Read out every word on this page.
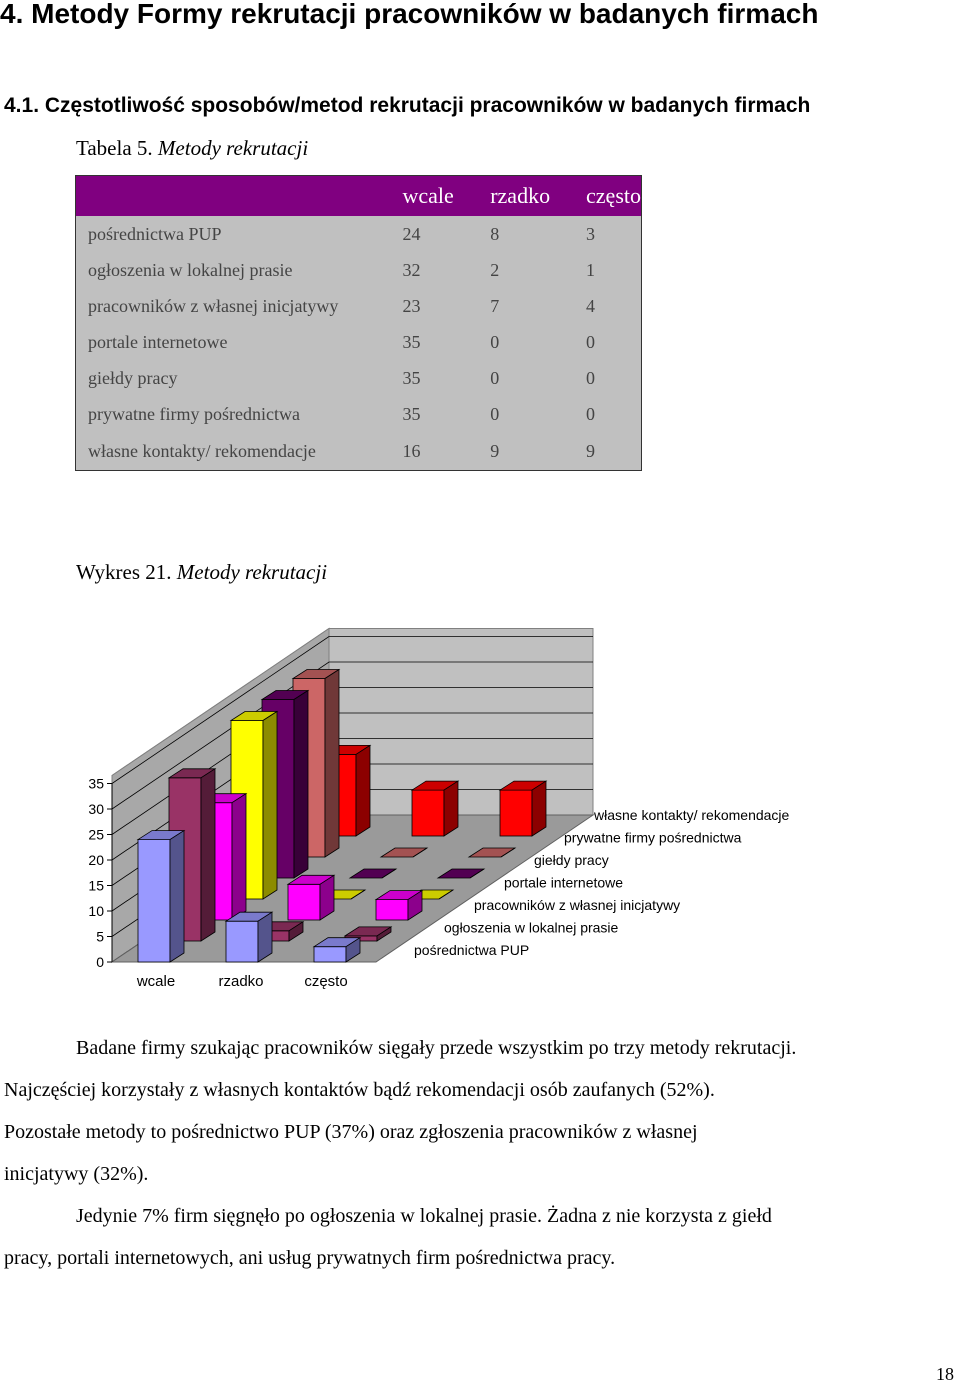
4. Metody Formy rekrutacji pracowników w badanych firmach
4.1. Częstotliwość sposobów/metod rekrutacji pracowników w badanych firmach
Tabela 5. Metody rekrutacji
	wcale	rzadko	często
pośrednictwa PUP	24	8	3
ogłoszenia w lokalnej prasie	32	2	1
pracowników z własnej inicjatywy	23	7	4
portale internetowe	35	0	0
giełdy pracy	35	0	0
prywatne firmy pośrednictwa	35	0	0
własne kontakty/ rekomendacje	16	9	9
Wykres 21. Metody rekrutacji
0
5
10
15
20
25
30
35
wcale	rzadko	często
pośrednictwa PUP
ogłoszenia w lokalnej prasie
pracowników z własnej inicjatywy
portale internetowe
giełdy pracy
prywatne firmy pośrednictwa
własne kontakty/ rekomendacje
Badane firmy szukając pracowników sięgały przede wszystkim po trzy metody rekrutacji.
Najczęściej korzystały z własnych kontaktów bądź rekomendacji osób zaufanych (52%).
Pozostałe metody to pośrednictwo PUP (37%) oraz zgłoszenia pracowników z własnej
inicjatywy (32%).
Jedynie 7% firm sięgnęło po ogłoszenia w lokalnej prasie. Żadna z nie korzysta z giełd
pracy, portali internetowych, ani usług prywatnych firm pośrednictwa pracy.
18
